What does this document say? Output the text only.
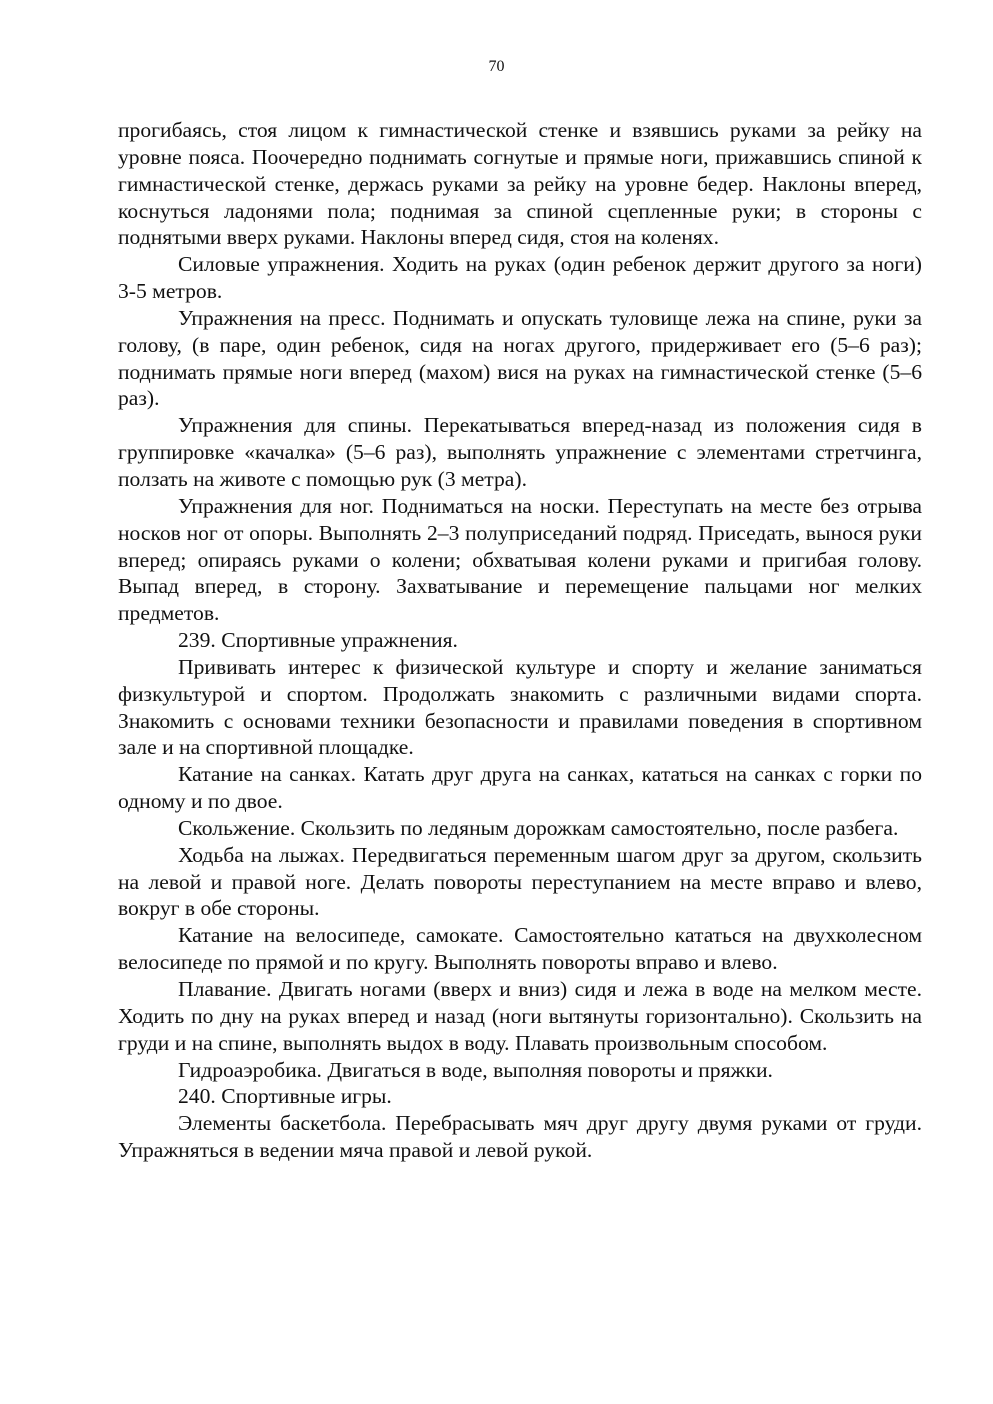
70

прогибаясь, стоя лицом к гимнастической стенке и взявшись руками за рейку на уровне пояса. Поочередно поднимать согнутые и прямые ноги, прижавшись спиной к гимнастической стенке, держась руками за рейку на уровне бедер. Наклоны вперед, коснуться ладонями пола; поднимая за спиной сцепленные руки; в стороны с поднятыми вверх руками. Наклоны вперед сидя, стоя на коленях.

Силовые упражнения. Ходить на руках (один ребенок держит другого за ноги) 3-5 метров.

Упражнения на пресс. Поднимать и опускать туловище лежа на спине, руки за голову, (в паре, один ребенок, сидя на ногах другого, придерживает его (5–6 раз); поднимать прямые ноги вперед (махом) вися на руках на гимнастической стенке (5–6 раз).

Упражнения для спины. Перекатываться вперед-назад из положения сидя в группировке «качалка» (5–6 раз), выполнять упражнение с элементами стретчинга, ползать на животе с помощью рук (3 метра).

Упражнения для ног. Подниматься на носки. Переступать на месте без отрыва носков ног от опоры. Выполнять 2–3 полуприседаний подряд. Приседать, вынося руки вперед; опираясь руками о колени; обхватывая колени руками и пригибая голову. Выпад вперед, в сторону. Захватывание и перемещение пальцами ног мелких предметов.

239. Спортивные упражнения.

Прививать интерес к физической культуре и спорту и желание заниматься физкультурой и спортом. Продолжать знакомить с различными видами спорта. Знакомить с основами техники безопасности и правилами поведения в спортивном зале и на спортивной площадке.

Катание на санках. Катать друг друга на санках, кататься на санках с горки по одному и по двое.

Скольжение. Скользить по ледяным дорожкам самостоятельно, после разбега.

Ходьба на лыжах. Передвигаться переменным шагом друг за другом, скользить на левой и правой ноге. Делать повороты переступанием на месте вправо и влево, вокруг в обе стороны.

Катание на велосипеде, самокате. Самостоятельно кататься на двухколесном велосипеде по прямой и по кругу. Выполнять повороты вправо и влево.

Плавание. Двигать ногами (вверх и вниз) сидя и лежа в воде на мелком месте. Ходить по дну на руках вперед и назад (ноги вытянуты горизонтально). Скользить на груди и на спине, выполнять выдох в воду. Плавать произвольным способом.

Гидроаэробика. Двигаться в воде, выполняя повороты и пряжки.

240. Спортивные игры.

Элементы баскетбола. Перебрасывать мяч друг другу двумя руками от груди. Упражняться в ведении мяча правой и левой рукой.
